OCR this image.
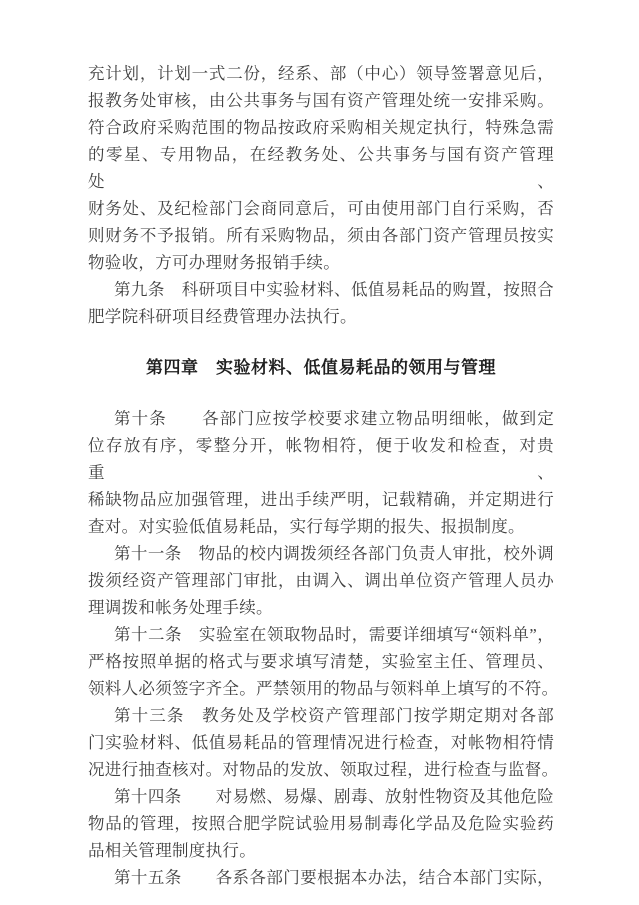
充计划，计划一式二份，经系、部（中心）领导签署意见后，
报教务处审核，由公共事务与国有资产管理处统一安排采购。
符合政府采购范围的物品按政府采购相关规定执行，特殊急需
的零星、专用物品，在经教务处、公共事务与国有资产管理处、
财务处、及纪检部门会商同意后，可由使用部门自行采购，否
则财务不予报销。所有采购物品，须由各部门资产管理员按实
物验收，方可办理财务报销手续。
第九条　科研项目中实验材料、低值易耗品的购置，按照合
肥学院科研项目经费管理办法执行。
第四章　实验材料、低值易耗品的领用与管理
第十条　　各部门应按学校要求建立物品明细帐，做到定
位存放有序，零整分开，帐物相符，便于收发和检查，对贵重、
稀缺物品应加强管理，进出手续严明，记载精确，并定期进行
查对。对实验低值易耗品，实行每学期的报失、报损制度。
第十一条　物品的校内调拨须经各部门负责人审批，校外调
拨须经资产管理部门审批，由调入、调出单位资产管理人员办
理调拨和帐务处理手续。
第十二条　实验室在领取物品时，需要详细填写“领料单”，
严格按照单据的格式与要求填写清楚，实验室主任、管理员、
领料人必须签字齐全。严禁领用的物品与领料单上填写的不符。
第十三条　教务处及学校资产管理部门按学期定期对各部
门实验材料、低值易耗品的管理情况进行检查，对帐物相符情
况进行抽查核对。对物品的发放、领取过程，进行检查与监督。
第十四条　　对易燃、易爆、剧毒、放射性物资及其他危险
物品的管理，按照合肥学院试验用易制毒化学品及危险实验药
品相关管理制度执行。
第十五条　　各系各部门要根据本办法，结合本部门实际，
